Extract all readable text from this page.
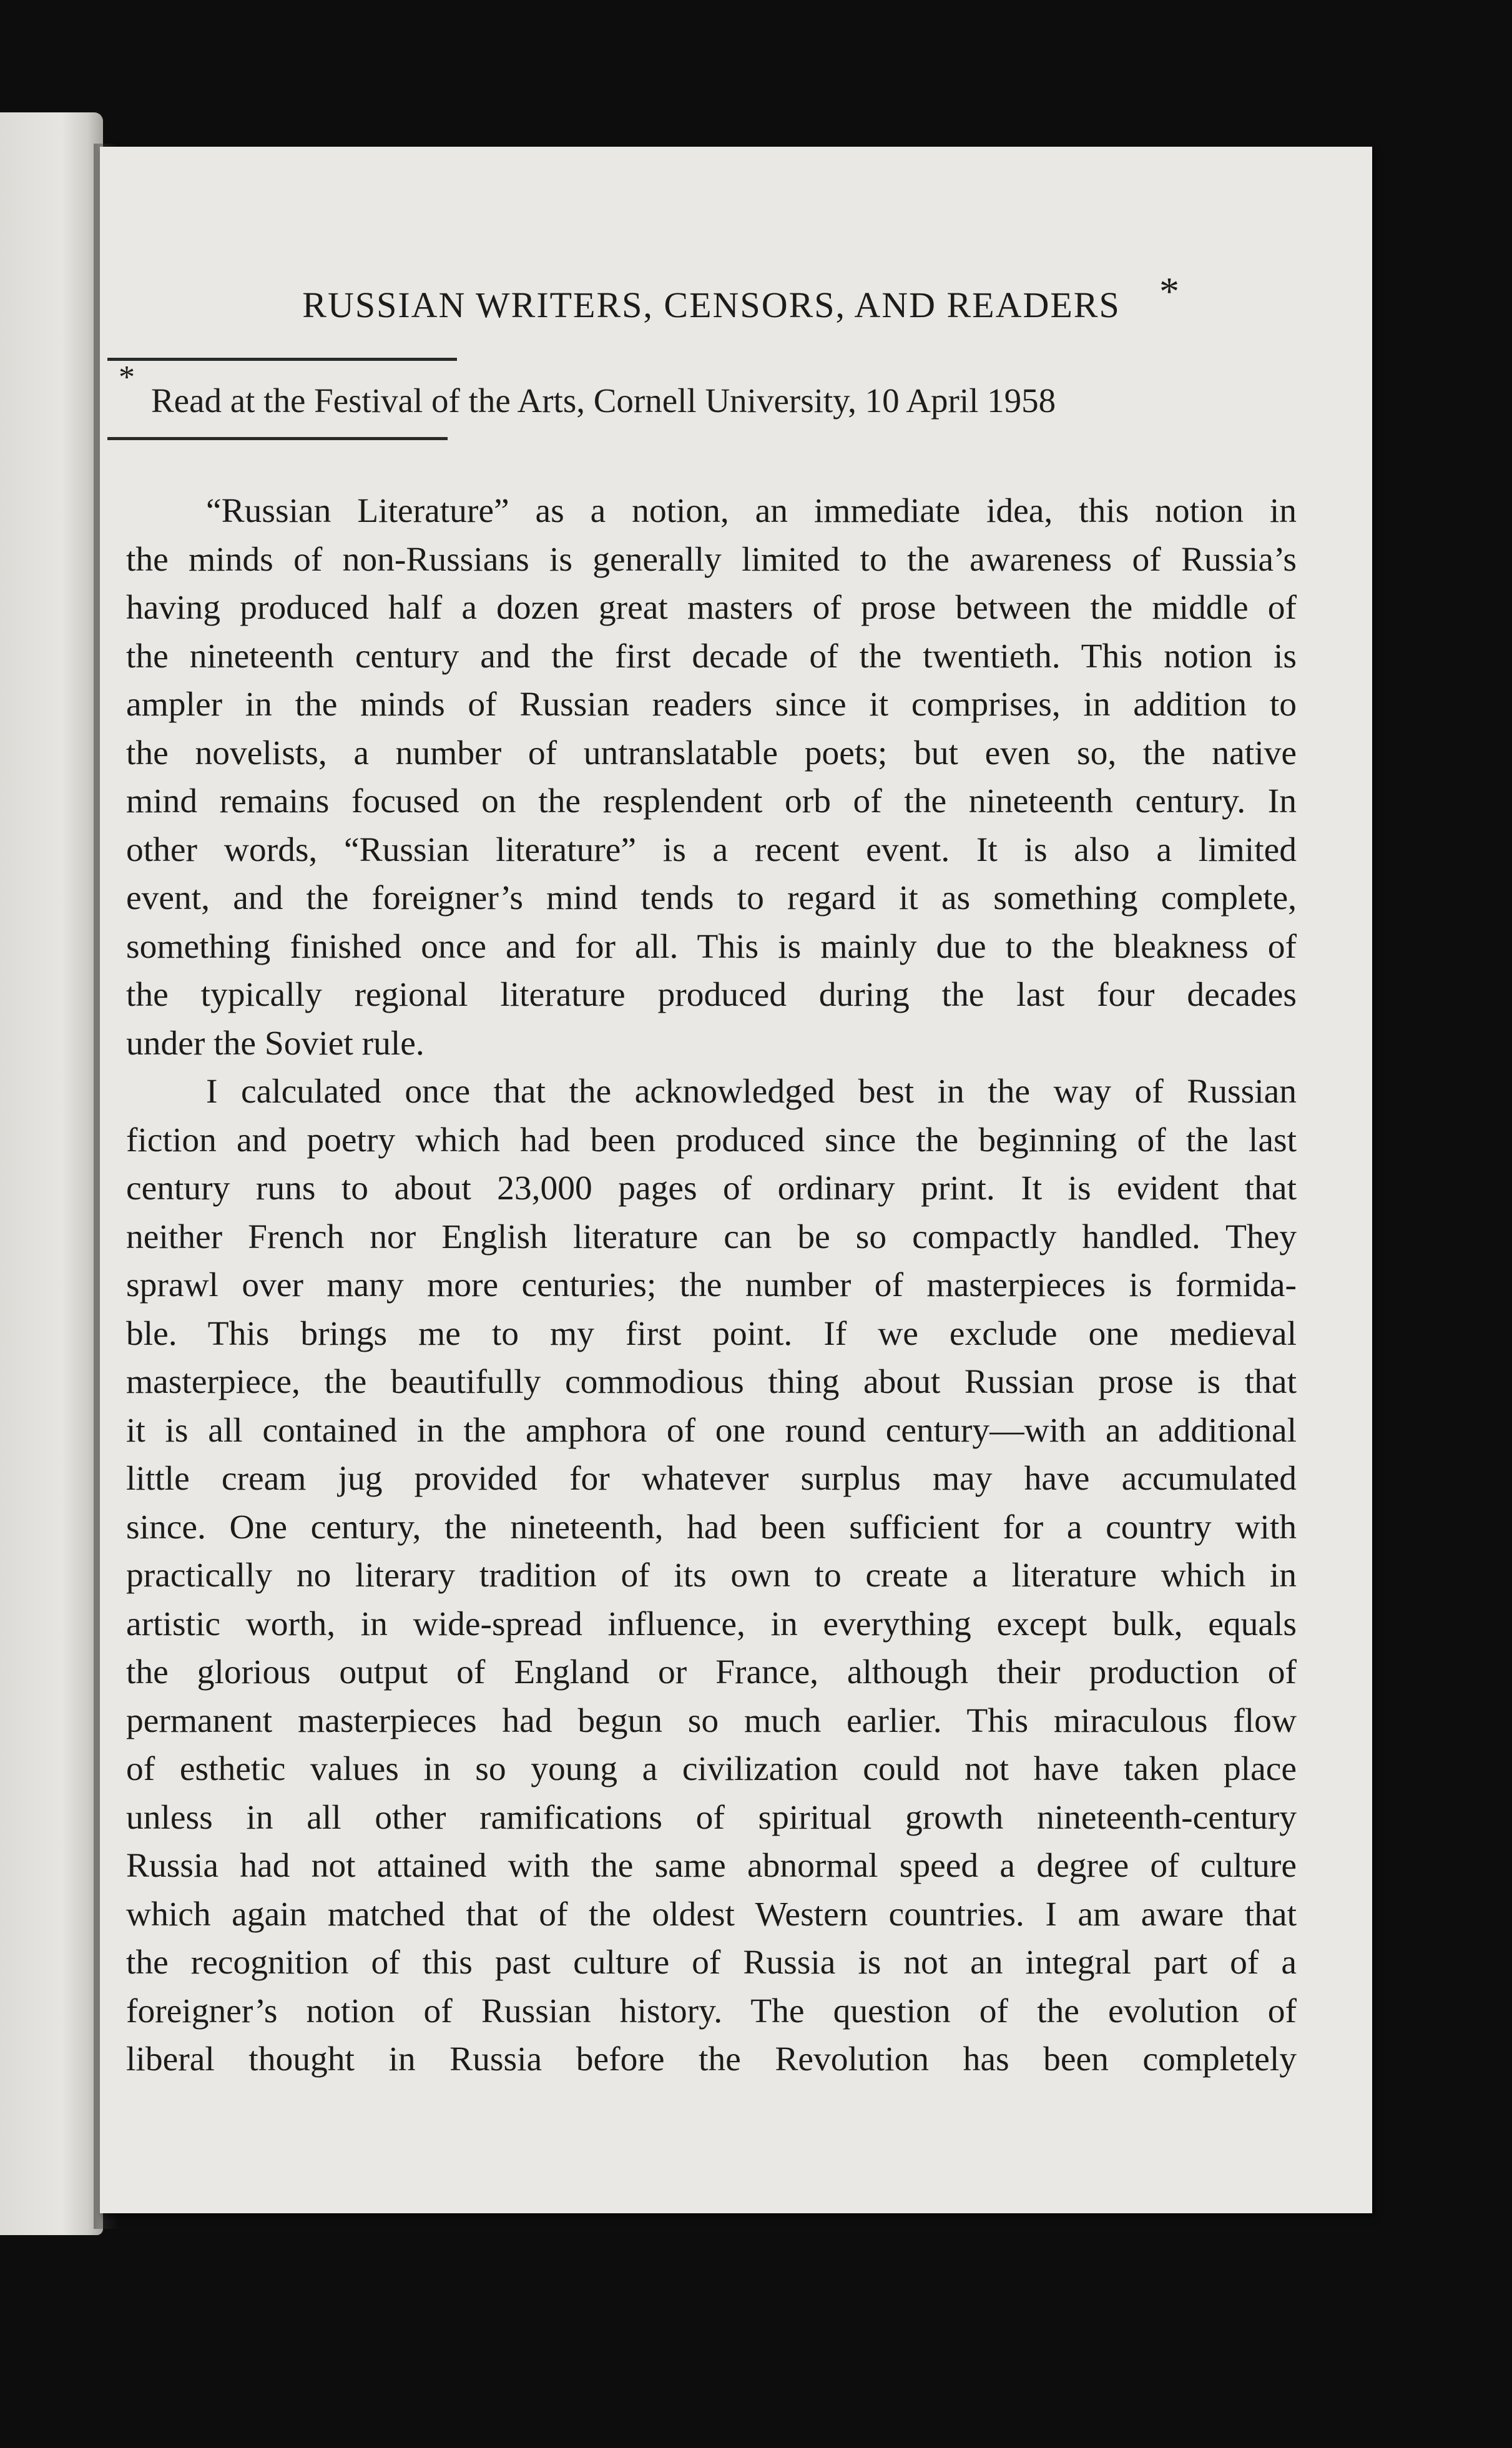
RUSSIAN WRITERS, CENSORS, AND READERS *
*
Read at the Festival of the Arts, Cornell University, 10 April 1958
“Russian Literature” as a notion, an immediate idea, this notion in
the minds of non-Russians is generally limited to the awareness of Russia’s
having produced half a dozen great masters of prose between the middle of
the nineteenth century and the first decade of the twentieth. This notion is
ampler in the minds of Russian readers since it comprises, in addition to
the novelists, a number of untranslatable poets; but even so, the native
mind remains focused on the resplendent orb of the nineteenth century. In
other words, “Russian literature” is a recent event. It is also a limited
event, and the foreigner’s mind tends to regard it as something complete,
something finished once and for all. This is mainly due to the bleakness of
the typically regional literature produced during the last four decades
under the Soviet rule.
I calculated once that the acknowledged best in the way of Russian
fiction and poetry which had been produced since the beginning of the last
century runs to about 23,000 pages of ordinary print. It is evident that
neither French nor English literature can be so compactly handled. They
sprawl over many more centuries; the number of masterpieces is formida-
ble. This brings me to my first point. If we exclude one medieval
masterpiece, the beautifully commodious thing about Russian prose is that
it is all contained in the amphora of one round century—with an additional
little cream jug provided for whatever surplus may have accumulated
since. One century, the nineteenth, had been sufficient for a country with
practically no literary tradition of its own to create a literature which in
artistic worth, in wide-spread influence, in everything except bulk, equals
the glorious output of England or France, although their production of
permanent masterpieces had begun so much earlier. This miraculous flow
of esthetic values in so young a civilization could not have taken place
unless in all other ramifications of spiritual growth nineteenth-century
Russia had not attained with the same abnormal speed a degree of culture
which again matched that of the oldest Western countries. I am aware that
the recognition of this past culture of Russia is not an integral part of a
foreigner’s notion of Russian history. The question of the evolution of
liberal thought in Russia before the Revolution has been completely
